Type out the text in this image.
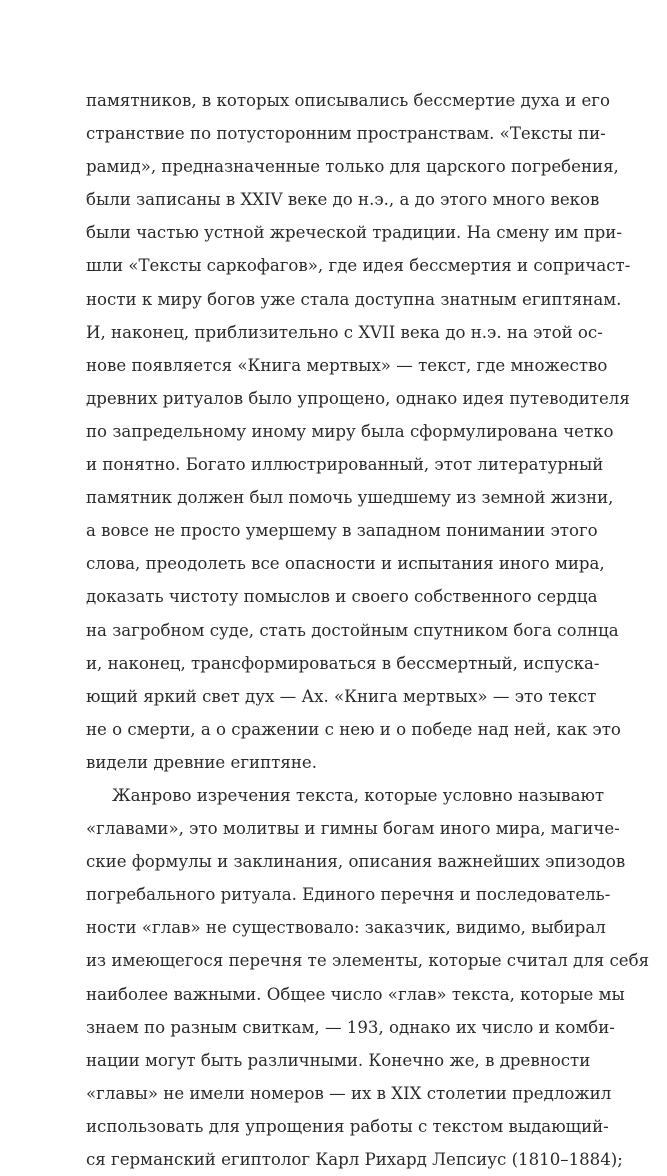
памятников, в которых описывались бессмертие духа и его
странствие по потусторонним пространствам. «Тексты пи-
рамид», предназначенные только для царского погребения,
были записаны в XXIV веке до н.э., а до этого много веков
были частью устной жреческой традиции. На смену им при-
шли «Тексты саркофагов», где идея бессмертия и сопричаст-
ности к миру богов уже стала доступна знатным египтянам.
И, наконец, приблизительно с XVII века до н.э. на этой ос-
нове появляется «Книга мертвых» — текст, где множество
древних ритуалов было упрощено, однако идея путеводителя
по запредельному иному миру была сформулирована четко
и понятно. Богато иллюстрированный, этот литературный
памятник должен был помочь ушедшему из земной жизни,
а вовсе не просто умершему в западном понимании этого
слова, преодолеть все опасности и испытания иного мира,
доказать чистоту помыслов и своего собственного сердца
на загробном суде, стать достойным спутником бога солнца
и, наконец, трансформироваться в бессмертный, испуска-
ющий яркий свет дух — Ах. «Книга мертвых» — это текст
не о смерти, а о сражении с нею и о победе над ней, как это
видели древние египтяне.
Жанрово изречения текста, которые условно называют
«главами», это молитвы и гимны богам иного мира, магиче-
ские формулы и заклинания, описания важнейших эпизодов
погребального ритуала. Единого перечня и последователь-
ности «глав» не существовало: заказчик, видимо, выбирал
из имеющегося перечня те элементы, которые считал для себя
наиболее важными. Общее число «глав» текста, которые мы
знаем по разным свиткам, — 193, однако их число и комби-
нации могут быть различными. Конечно же, в древности
«главы» не имели номеров — их в XIX столетии предложил
использовать для упрощения работы с текстом выдающий-
ся германский египтолог Карл Рихард Лепсиус (1810–1884);
